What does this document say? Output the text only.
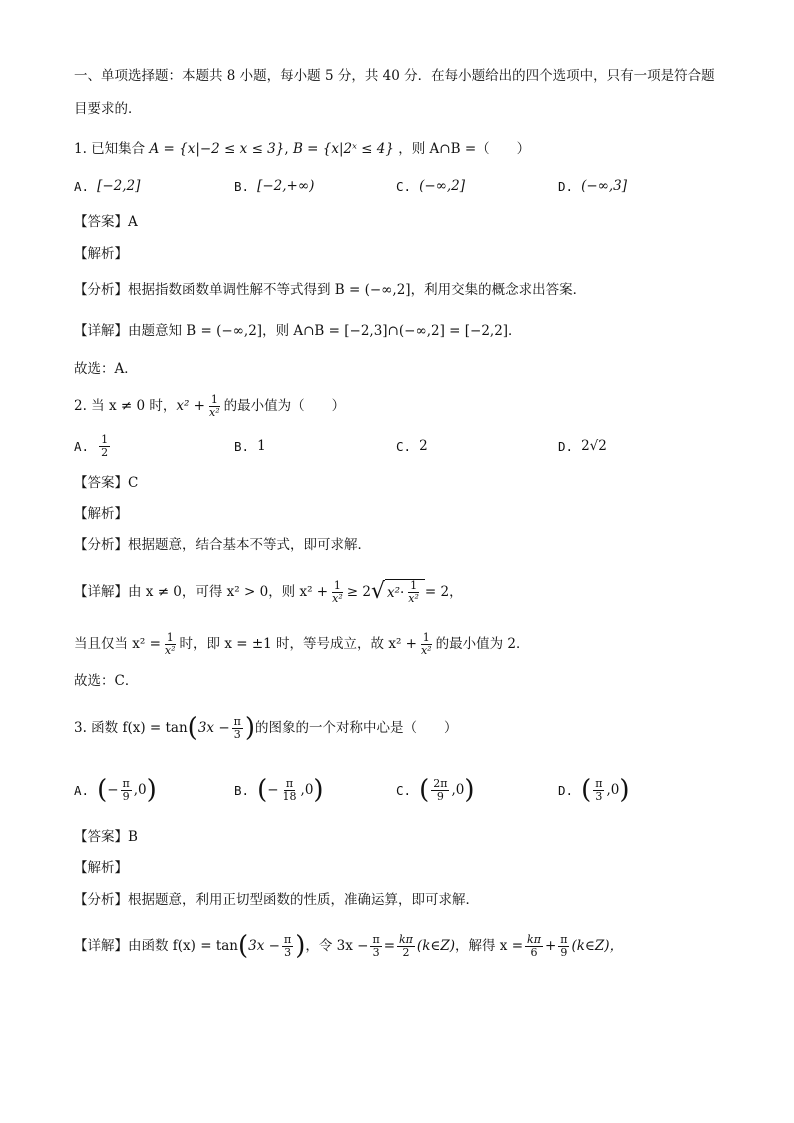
一、单项选择题：本题共 8 小题，每小题 5 分，共 40 分．在每小题给出的四个选项中，只有一项是符合题
目要求的．
1. 已知集合 A = {x|−2 ≤ x ≤ 3}, B = {x|2ˣ ≤ 4} ，则 A∩B =（　　）
A. [−2,2]	B. [−2,+∞)	C. (−∞,2]	D. (−∞,3]
【答案】A
【解析】
【分析】根据指数函数单调性解不等式得到 B = (−∞,2]，利用交集的概念求出答案．
【详解】由题意知 B = (−∞,2]，则 A∩B = [−2,3]∩(−∞,2] = [−2,2]．
故选：A．
2. 当 x ≠ 0 时， $x^2 + \frac{1}{\text{x²}}$ 的最小值为（　　）
A. $\frac{1}{2}$	B. 1	C. 2	D. 2√2
【答案】C
【解析】
【分析】根据题意，结合基本不等式，即可求解．
【详解】由 x ≠ 0，可得 x² > 0，则 $x^2 + \frac{1}{\text{x²}} \ge 2$ √ $x^2 \cdot \frac{1}{\text{x²}} = 2$，
当且仅当 $x^2 = \frac{1}{\text{x²}}$ 时，即 x = ±1 时，等号成立，故 $x^2 + \frac{1}{\text{x²}}$ 的最小值为 2．
故选：C．
3. 函数 f(x) = tan ( $3x - \frac{\pi}{3}$ ) 的图象的一个对称中心是（　　）
A. ( − $\frac{\pi}{9} ,0$ )	B. ( − $\frac{\pi}{18} ,0$ )	C. ( $\frac{2\pi}{9} ,0$ )	D. ( $\frac{\pi}{3} ,0$ )
【答案】B
【解析】
【分析】根据题意，利用正切型函数的性质，准确运算，即可求解．
【详解】由函数 f(x) = tan ( $3x - \frac{\pi}{3}$ ) ，令 $3x - \frac{\pi}{3} = \frac{k\pi}{2}$ (k∈Z) ，解得 $x = \frac{k\pi}{6} + \frac{\pi}{9}$ (k∈Z)，
